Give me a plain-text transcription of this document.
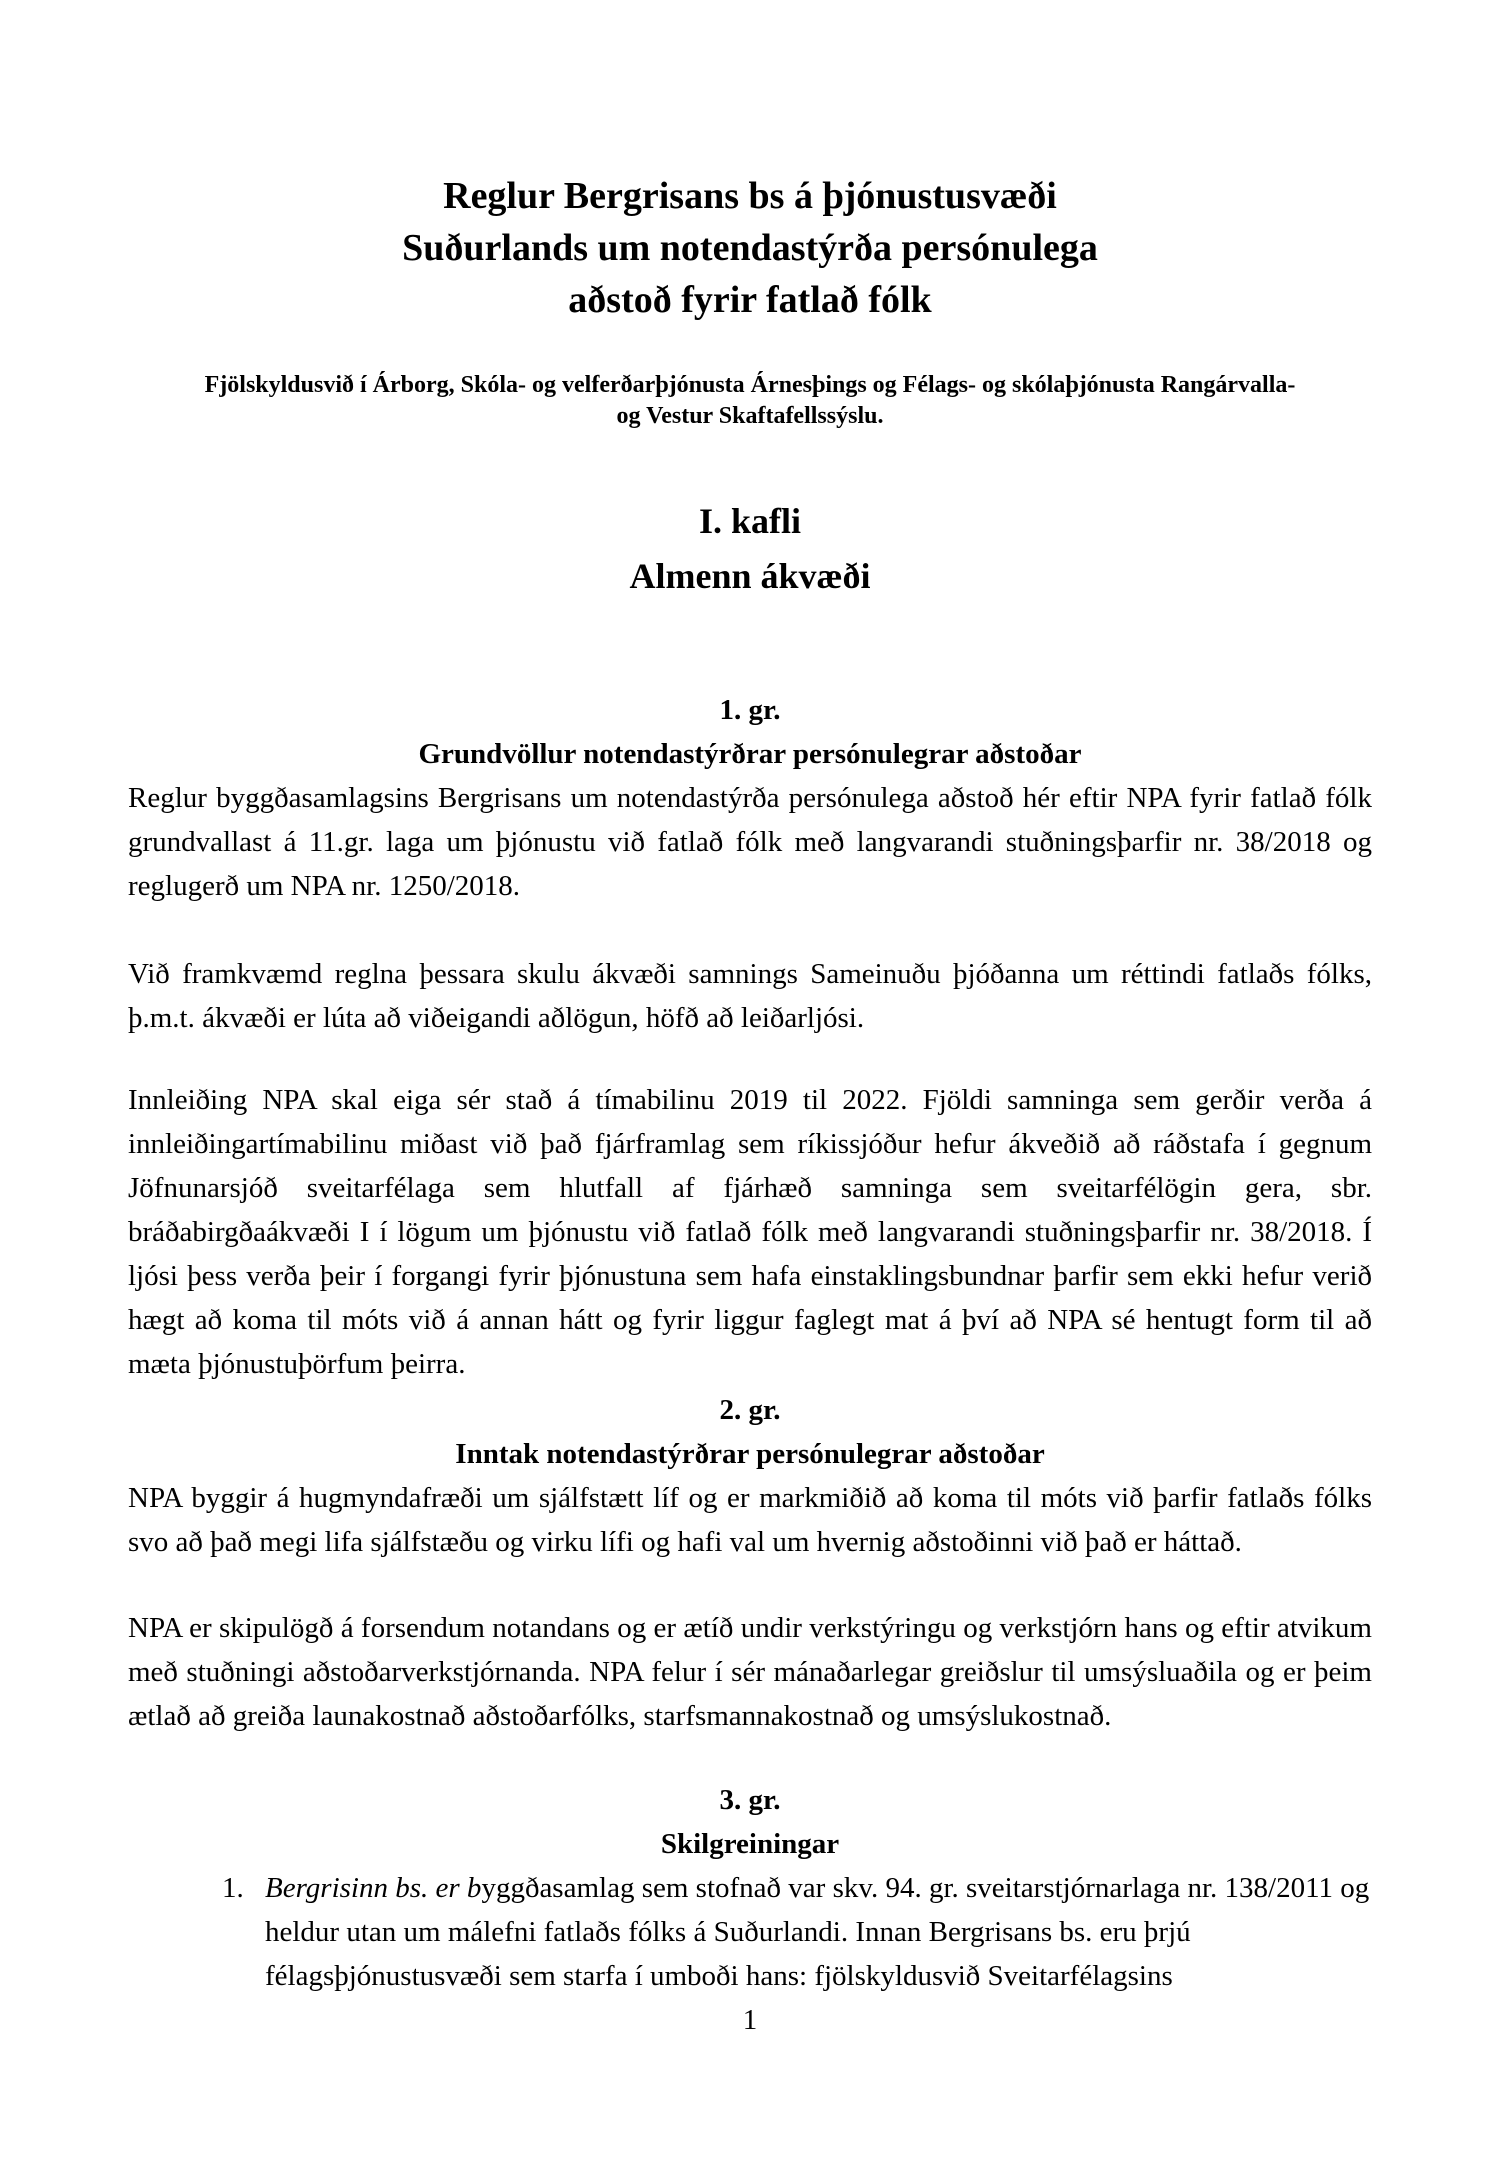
Reglur Bergrisans bs á þjónustusvæði
Suðurlands um notendastýrða persónulega
aðstoð fyrir fatlað fólk

Fjölskyldusvið í Árborg, Skóla- og velferðarþjónusta Árnesþings og Félags- og skólaþjónusta Rangárvalla-
og Vestur Skaftafellssýslu.

I. kafli
Almenn ákvæði
1. gr.
Grundvöllur notendastýrðrar persónulegrar aðstoðar

Reglur byggðasamlagsins Bergrisans um notendastýrða persónulega aðstoð hér eftir NPA fyrir fatlað fólk grundvallast á 11.gr. laga um þjónustu við fatlað fólk með langvarandi stuðningsþarfir nr. 38/2018 og reglugerð um NPA nr. 1250/2018.

Við framkvæmd reglna þessara skulu ákvæði samnings Sameinuðu þjóðanna um réttindi fatlaðs fólks, þ.m.t. ákvæði er lúta að viðeigandi aðlögun, höfð að leiðarljósi.

Innleiðing NPA skal eiga sér stað á tímabilinu 2019 til 2022. Fjöldi samninga sem gerðir verða á innleiðingartímabilinu miðast við það fjárframlag sem ríkissjóður hefur ákveðið að ráðstafa í gegnum Jöfnunarsjóð sveitarfélaga sem hlutfall af fjárhæð samninga sem sveitarfélögin gera, sbr. bráðabirgðaákvæði I í lögum um þjónustu við fatlað fólk með langvarandi stuðningsþarfir nr. 38/2018. Í ljósi þess verða þeir í forgangi fyrir þjónustuna sem hafa einstaklingsbundnar þarfir sem ekki hefur verið hægt að koma til móts við á annan hátt og fyrir liggur faglegt mat á því að NPA sé hentugt form til að mæta þjónustuþörfum þeirra.

2. gr.
Inntak notendastýrðrar persónulegrar aðstoðar

NPA byggir á hugmyndafræði um sjálfstætt líf og er markmiðið að koma til móts við þarfir fatlaðs fólks svo að það megi lifa sjálfstæðu og virku lífi og hafi val um hvernig aðstoðinni við það er háttað.

NPA er skipulögð á forsendum notandans og er ætíð undir verkstýringu og verkstjórn hans og eftir atvikum með stuðningi aðstoðarverkstjórnanda. NPA felur í sér mánaðarlegar greiðslur til umsýsluaðila og er þeim ætlað að greiða launakostnað aðstoðarfólks, starfsmannakostnað og umsýslukostnað.

3. gr.
Skilgreiningar
1. Bergrisinn bs. er byggðasamlag sem stofnað var skv. 94. gr. sveitarstjórnarlaga nr. 138/2011 og heldur utan um málefni fatlaðs fólks á Suðurlandi. Innan Bergrisans bs. eru þrjú félagsþjónustusvæði sem starfa í umboði hans: fjölskyldusvið Sveitarfélagsins

1
